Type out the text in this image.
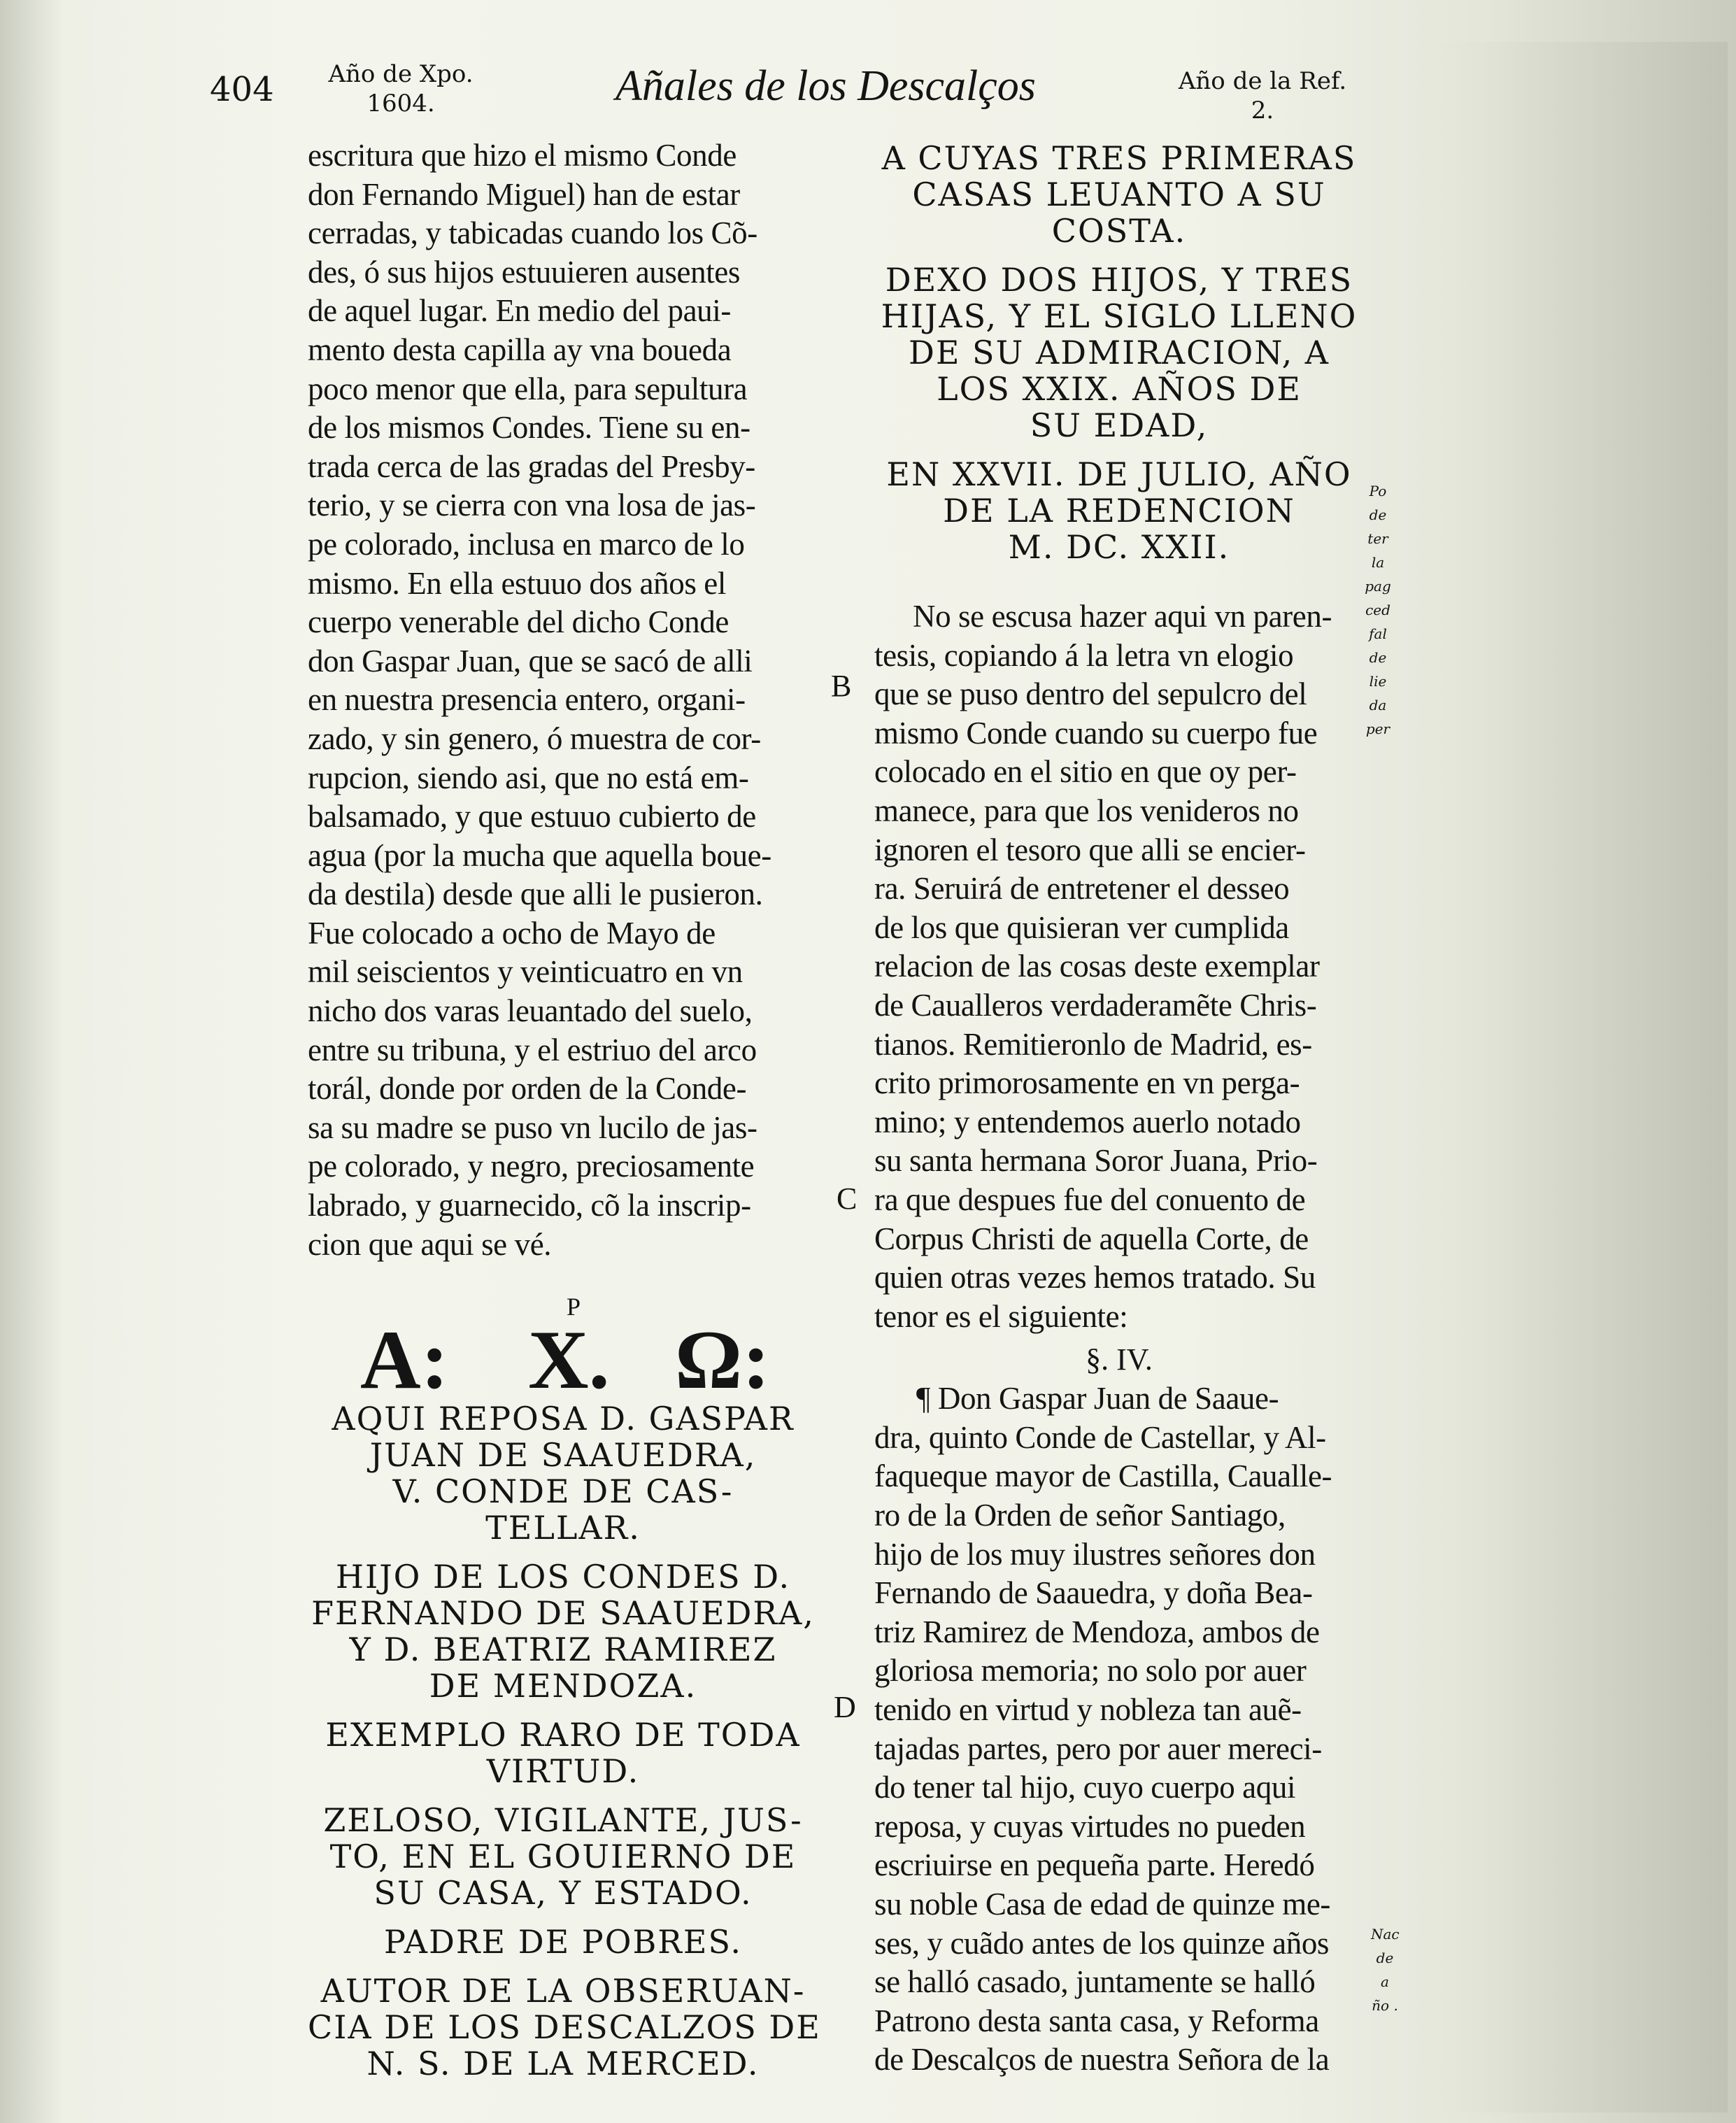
404	Año de Xpo.
1604.	Añales de los Descalços	Año de la Ref.
2.
escritura que hizo el mismo Conde
don Fernando Miguel) han de estar
cerradas, y tabicadas cuando los Cõ-
des, ó sus hijos estuuieren ausentes
de aquel lugar. En medio del paui-
mento desta capilla ay vna boueda
poco menor que ella, para sepultura
de los mismos Condes. Tiene su en-
trada cerca de las gradas del Presby-
terio, y se cierra con vna losa de jas-
pe colorado, inclusa en marco de lo
mismo. En ella estuuo dos años el
cuerpo venerable del dicho Conde
don Gaspar Juan, que se sacó de alli
en nuestra presencia entero, organi-
zado, y sin genero, ó muestra de cor-
rupcion, siendo asi, que no está em-
balsamado, y que estuuo cubierto de
agua (por la mucha que aquella boue-
da destila) desde que alli le pusieron.
Fue colocado a ocho de Mayo de
mil seiscientos y veinticuatro en vn
nicho dos varas leuantado del suelo,
entre su tribuna, y el estriuo del arco
torál, donde por orden de la Conde-
sa su madre se puso vn lucilo de jas-
pe colorado, y negro, preciosamente
labrado, y guarnecido, cõ la inscrip-
cion que aqui se vé.
P
A: X. Ω:
AQUI REPOSA D. GASPAR
JUAN DE SAAUEDRA,
V. CONDE DE CAS-
TELLAR.
HIJO DE LOS CONDES D.
FERNANDO DE SAAUEDRA,
Y D. BEATRIZ RAMIREZ
DE MENDOZA.
EXEMPLO RARO DE TODA
VIRTUD.
ZELOSO, VIGILANTE, JUS-
TO, EN EL GOUIERNO DE
SU CASA, Y ESTADO.
PADRE DE POBRES.
AUTOR DE LA OBSERUAN-
CIA DE LOS DESCALZOS DE
N. S. DE LA MERCED.
B
C
D
A CUYAS TRES PRIMERAS
CASAS LEUANTO A SU
COSTA.
DEXO DOS HIJOS, Y TRES
HIJAS, Y EL SIGLO LLENO
DE SU ADMIRACION, A
LOS XXIX. AÑOS DE
SU EDAD,
EN XXVII. DE JULIO, AÑO
DE LA REDENCION
M. DC. XXII.
No se escusa hazer aqui vn paren-
tesis, copiando á la letra vn elogio
que se puso dentro del sepulcro del
mismo Conde cuando su cuerpo fue
colocado en el sitio en que oy per-
manece, para que los venideros no
ignoren el tesoro que alli se encier-
ra. Seruirá de entretener el desseo
de los que quisieran ver cumplida
relacion de las cosas deste exemplar
de Caualleros verdaderamẽte Chris-
tianos. Remitieronlo de Madrid, es-
crito primorosamente en vn perga-
mino; y entendemos auerlo notado
su santa hermana Soror Juana, Prio-
ra que despues fue del conuento de
Corpus Christi de aquella Corte, de
quien otras vezes hemos tratado. Su
tenor es el siguiente:
§. IV.
¶ Don Gaspar Juan de Saaue-
dra, quinto Conde de Castellar, y Al-
faqueque mayor de Castilla, Caualle-
ro de la Orden de señor Santiago,
hijo de los muy ilustres señores don
Fernando de Saauedra, y doña Bea-
triz Ramirez de Mendoza, ambos de
gloriosa memoria; no solo por auer
tenido en virtud y nobleza tan auẽ-
tajadas partes, pero por auer mereci-
do tener tal hijo, cuyo cuerpo aqui
reposa, y cuyas virtudes no pueden
escriuirse en pequeña parte. Heredó
su noble Casa de edad de quinze me-
ses, y cuãdo antes de los quinze años
se halló casado, juntamente se halló
Patrono desta santa casa, y Reforma
de Descalços de nuestra Señora de la
Po
de
ter
la
pag
ced
fal
de
lie
da
per
Nac
de a
ño .
